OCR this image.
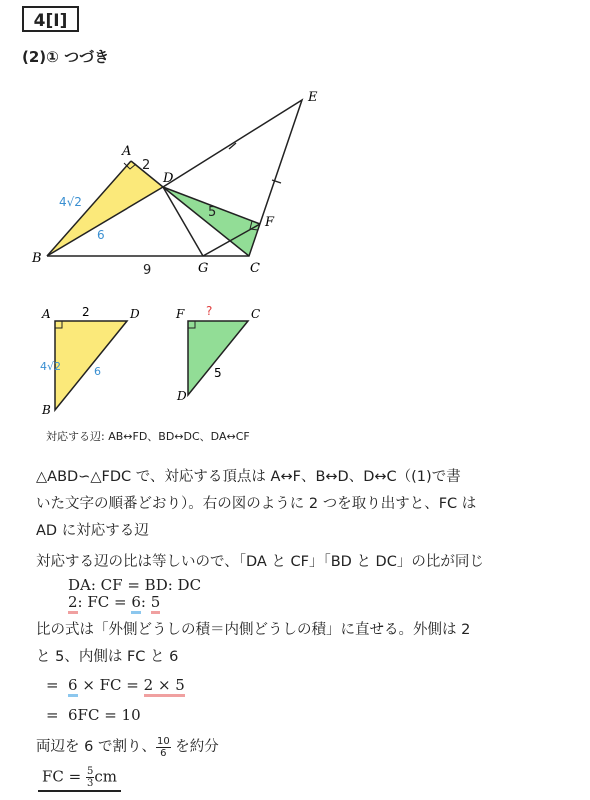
4[Ⅰ]
(2)① つづき
A
B
C
D
E
F
G
2
4√2
6
5
9
A
B
D
2
4√2	6
F	C
D
?
5
対応する辺: AB↔FD、BD↔DC、DA↔CF
△ABD∽△FDC で、対応する頂点は A↔F、B↔D、D↔C（(1)で書
いた文字の順番どおり）。右の図のように 2 つを取り出すと、FC は
AD に対応する辺
対応する辺の比は等しいので、「DA と CF」「BD と DC」の比が同じ
DA: CF = BD: DC
2: FC = 6: 5
比の式は「外側どうしの積＝内側どうしの積」に直せる。外側は 2
と 5、内側は FC と 6
= 6 × FC = 2 × 5
= 6FC = 10
両辺を 6 で割り、 $\frac{10}{6}$ を約分
FC = $\frac{5}{3}$ cm
